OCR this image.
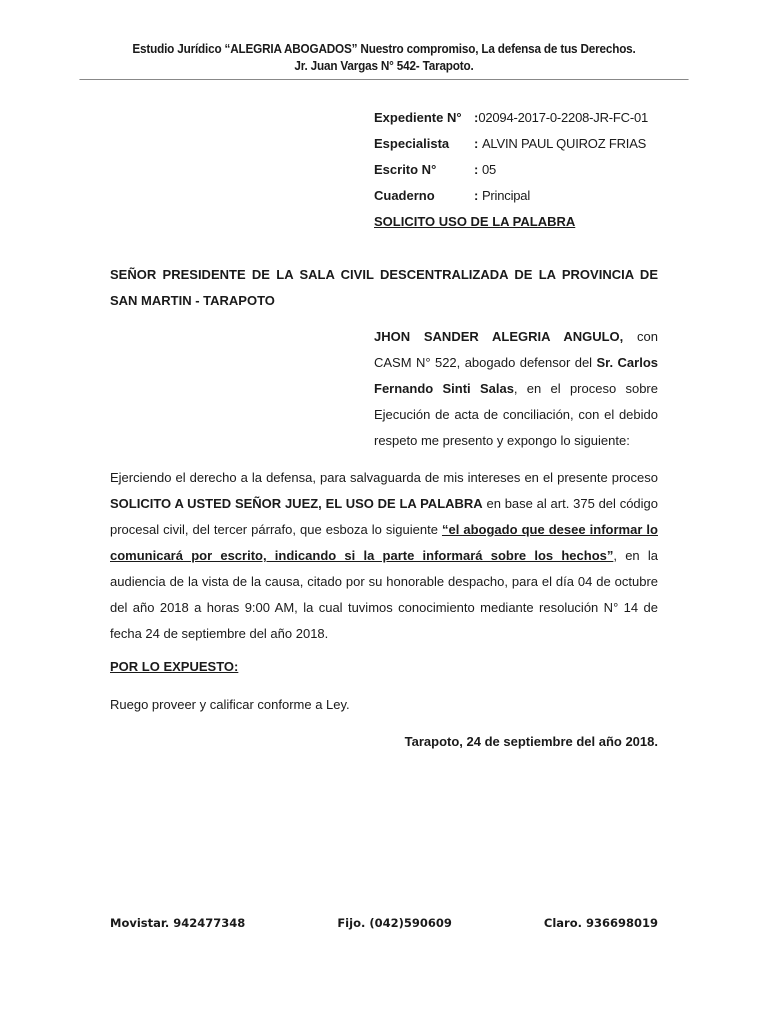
Estudio Jurídico “ALEGRIA ABOGADOS” Nuestro compromiso, La defensa de tus Derechos.
Jr. Juan Vargas N° 542- Tarapoto.
Expediente N° : 02094-2017-0-2208-JR-FC-01
Especialista	: ALVIN PAUL QUIROZ FRIAS
Escrito N°	: 05
Cuaderno	: Principal
SOLICITO USO DE LA PALABRA
SEÑOR PRESIDENTE DE LA SALA CIVIL DESCENTRALIZADA DE LA PROVINCIA DE SAN MARTIN - TARAPOTO
JHON SANDER ALEGRIA ANGULO, con CASM N° 522, abogado defensor del Sr. Carlos Fernando Sinti Salas, en el proceso sobre Ejecución de acta de conciliación, con el debido respeto me presento y expongo lo siguiente:
Ejerciendo el derecho a la defensa, para salvaguarda de mis intereses en el presente proceso SOLICITO A USTED SEÑOR JUEZ, EL USO DE LA PALABRA en base al art. 375 del código procesal civil, del tercer párrafo, que esboza lo siguiente “el abogado que desee informar lo comunicará por escrito, indicando si la parte informará sobre los hechos”, en la audiencia de la vista de la causa, citado por su honorable despacho, para el día 04 de octubre del año 2018 a horas 9:00 AM, la cual tuvimos conocimiento mediante resolución N° 14 de fecha 24 de septiembre del año 2018.
POR LO EXPUESTO:
Ruego proveer y calificar conforme a Ley.
Tarapoto, 24 de septiembre del año 2018.
Movistar. 942477348	Fijo. (042)590609	Claro. 936698019
